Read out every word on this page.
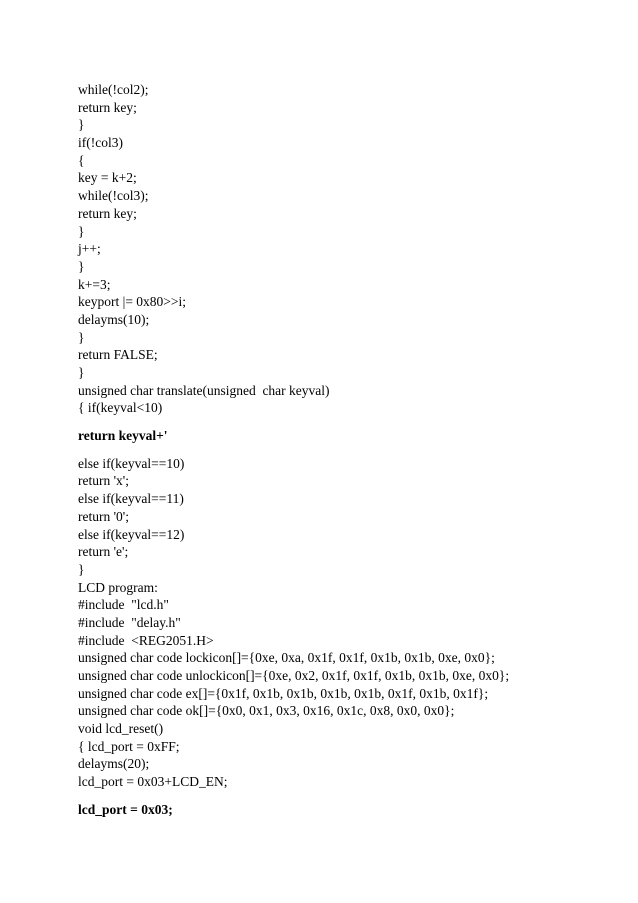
while(!col2);
return key;
}
if(!col3)
{
key = k+2;
while(!col3);
return key;
}
j++;
}
k+=3;
keyport |= 0x80>>i;
delayms(10);
}
return FALSE;
}
unsigned char translate(unsigned  char keyval)
{ if(keyval<10)
return keyval+'
else if(keyval==10)
return 'x';
else if(keyval==11)
return '0';
else if(keyval==12)
return 'e';
}
LCD program:
#include  "lcd.h"
#include  "delay.h"
#include  <REG2051.H>
unsigned char code lockicon[]={0xe, 0xa, 0x1f, 0x1f, 0x1b, 0x1b, 0xe, 0x0};
unsigned char code unlockicon[]={0xe, 0x2, 0x1f, 0x1f, 0x1b, 0x1b, 0xe, 0x0};
unsigned char code ex[]={0x1f, 0x1b, 0x1b, 0x1b, 0x1b, 0x1f, 0x1b, 0x1f};
unsigned char code ok[]={0x0, 0x1, 0x3, 0x16, 0x1c, 0x8, 0x0, 0x0};
void lcd_reset()
{ lcd_port = 0xFF;
delayms(20);
lcd_port = 0x03+LCD_EN;
lcd_port = 0x03;
